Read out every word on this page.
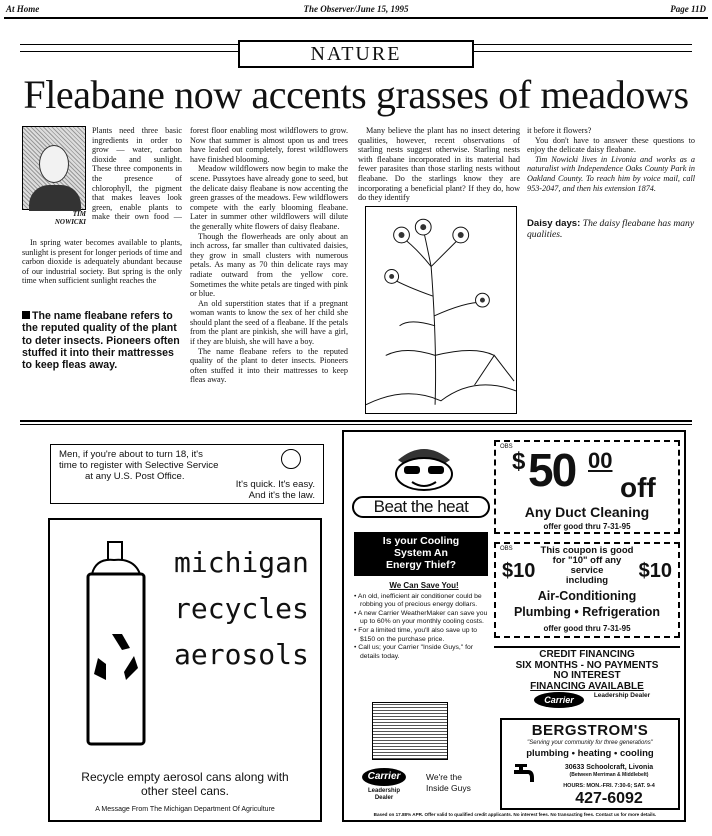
At Home	The Observer/June 15, 1995	Page 11D
NATURE
Fleabane now accents grasses of meadows
TIM NOWICKI

Plants need three basic ingredients in order to grow — water, carbon dioxide and sunlight. These three components in the presence of chlorophyll, the pigment that makes leaves look green, enable plants to make their own food —

In spring water becomes available to plants, sunlight is present for longer periods of time and carbon dioxide is adequately abundant because of our industrial society. But spring is the only time when sufficient sunlight reaches the

The name fleabane refers to the reputed quality of the plant to deter insects. Pioneers often stuffed it into their mattresses to keep fleas away.

forest floor enabling most wildflowers to grow. Now that summer is almost upon us and trees have leafed out completely, forest wildflowers have finished blooming.

Meadow wildflowers now begin to make the scene. Pussytoes have already gone to seed, but the delicate daisy fleabane is now accenting the green grasses of the meadows. Few wildflowers compete with the early blooming fleabane. Later in summer other wildflowers will dilute the generally white flowers of daisy fleabane.

Though the flowerheads are only about an inch across, far smaller than cultivated daisies, they grow in small clusters with numerous petals. As many as 70 thin delicate rays may radiate outward from the yellow core. Sometimes the white petals are tinged with pink or blue.

An old superstition states that if a pregnant woman wants to know the sex of her child she should plant the seed of a fleabane. If the petals from the plant are pinkish, she will have a girl, if they are bluish, she will have a boy.

The name fleabane refers to the reputed quality of the plant to deter insects. Pioneers often stuffed it into their mattresses to keep fleas away.

Many believe the plant has no insect detering qualities, however, recent observations of starling nests suggest otherwise. Starling nests with fleabane incorporated in its material had fewer parasites than those starling nests without fleabane. Do the starlings know they are incorporating a beneficial plant? If they do, how do they identify

it before it flowers?

You don't have to answer these questions to enjoy the delicate daisy fleabane.

Tim Nowicki lives in Livonia and works as a naturalist with Independence Oaks County Park in Oakland County. To reach him by voice mail, call 953-2047, and then his extension 1874.

Daisy days: The daisy fleabane has many qualities.
Men, if you're about to turn 18, it's
time to register with Selective Service
at any U.S. Post Office.
It's quick. It's easy.
And it's the law.
michigan
recycles
aerosols
Recycle empty aerosol cans along with
other steel cans.
A Message From The Michigan Department Of Agriculture
Beat the heat
Is your Cooling
System An
Energy Thief?
We Can Save You!
• An old, inefficient air conditioner could be robbing you of precious energy dollars.
• A new Carrier WeatherMaker can save you up to 60% on your monthly cooling costs.
• For a limited time, you'll also save up to $150 on the purchase price.
• Call us; your Carrier "Inside Guys," for details today.
Carrier
Leadership Dealer
We're the
Inside Guys
OBS
$ 50 00
off
Any Duct Cleaning
offer good thru 7-31-95
OBS	This coupon is good
for "10" off any
service
including
$10	$10
Air-Conditioning
Plumbing • Refrigeration
offer good thru 7-31-95
CREDIT FINANCING
SIX MONTHS - NO PAYMENTS
NO INTEREST
FINANCING AVAILABLE
Carrier	Leadership Dealer
BERGSTROM'S
"Serving your community for three generations"
plumbing • heating • cooling
30633 Schoolcraft, Livonia
(Between Merriman & Middlebelt)
HOURS: MON.-FRI. 7:30-6; SAT. 9-4
427-6092
Based on 17.88% APR. Offer valid to qualified credit applicants. No interest fees. No transacting fees. Contact us for more details.
